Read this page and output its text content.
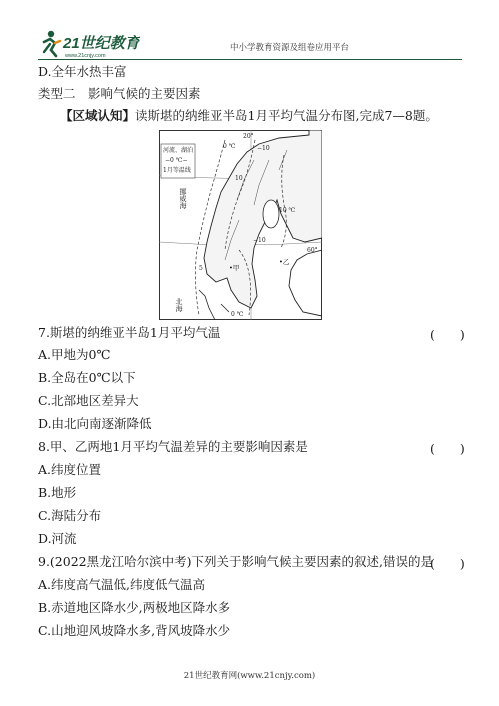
21世纪教育
www.21cnjy.com
中小学教育资源及组卷应用平台
D.全年水热丰富
类型二　影响气候的主要因素
【区域认知】读斯堪的纳维亚半岛1月平均气温分布图,完成7—8题。
河流、湖泊
−0 ℃−
1月等温线
20°
60°
0 ℃	−10
10
10 ℃
−10
0 ℃
5
挪威海
北海
•甲
•乙
7.斯堪的纳维亚半岛1月平均气温	(　　)
A.甲地为0℃
B.全岛在0℃以下
C.北部地区差异大
D.由北向南逐渐降低
8.甲、乙两地1月平均气温差异的主要影响因素是	(　　)
A.纬度位置
B.地形
C.海陆分布
D.河流
9.(2022黑龙江哈尔滨中考)下列关于影响气候主要因素的叙述,错误的是
(　　)
A.纬度高气温低,纬度低气温高
B.赤道地区降水少,两极地区降水多
C.山地迎风坡降水多,背风坡降水少
21世纪教育网(www.21cnjy.com)
